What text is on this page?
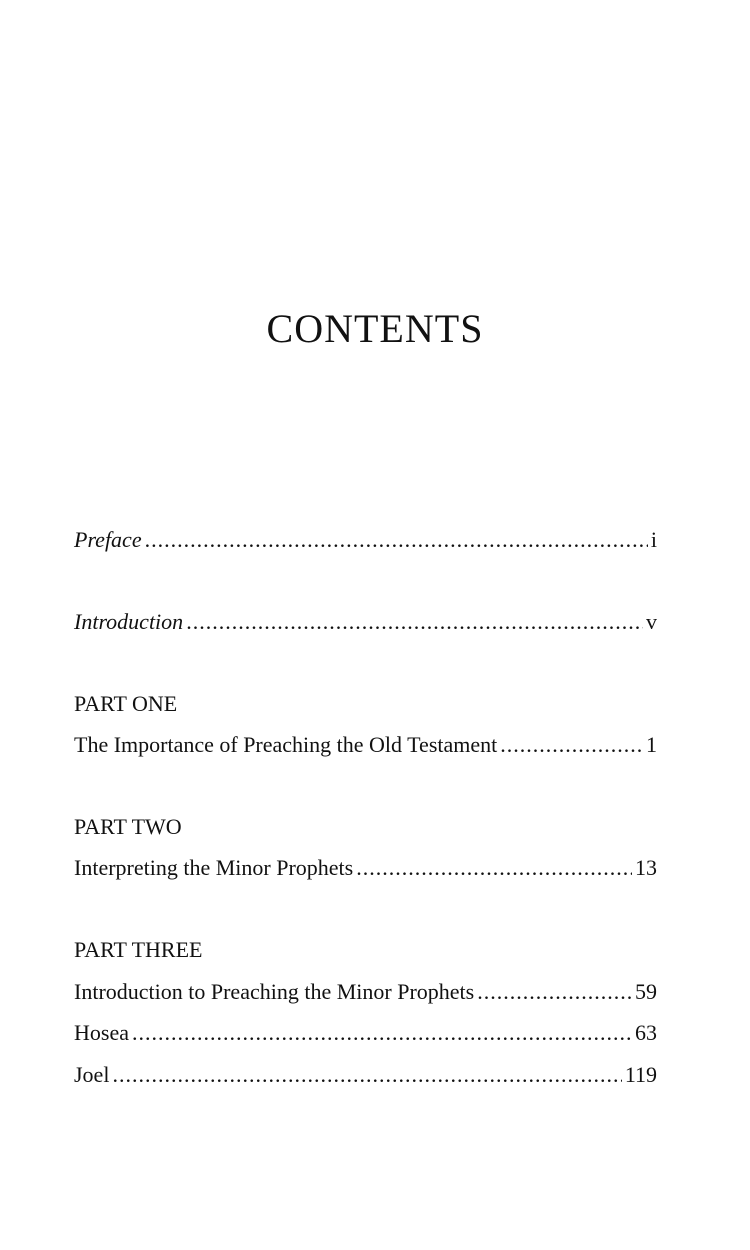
CONTENTS
Preface .....	i
Introduction .....	v
PART ONE
The Importance of Preaching the Old Testament .....	1
PART TWO
Interpreting the Minor Prophets .....	13
PART THREE
Introduction to Preaching the Minor Prophets .....	59
Hosea .....	63
Joel .....	119
